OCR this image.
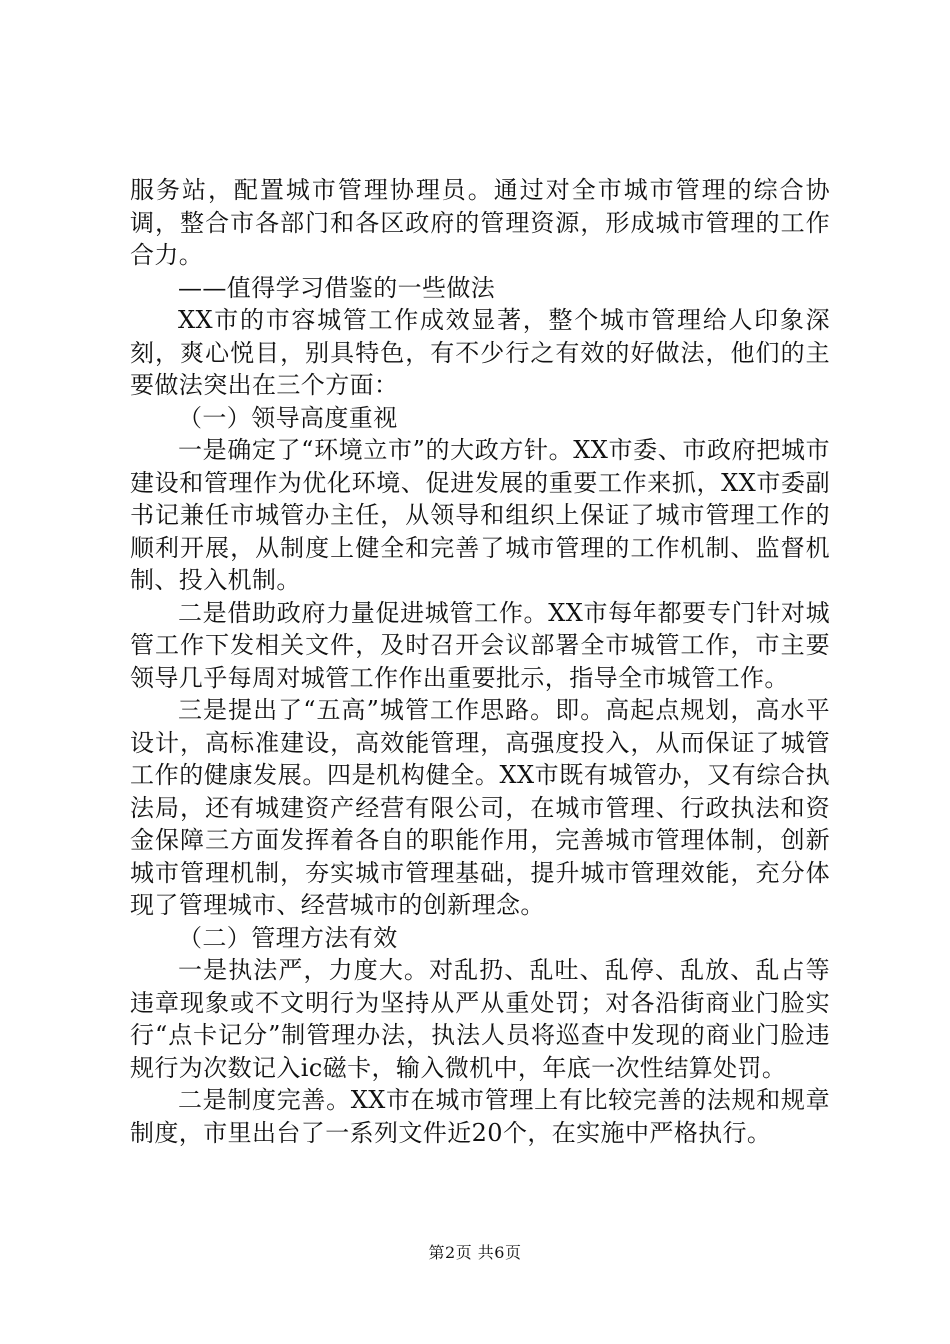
服务站，配置城市管理协理员。通过对全市城市管理的综合协调，整合市各部门和各区政府的管理资源，形成城市管理的工作合力。

——值得学习借鉴的一些做法

XX市的市容城管工作成效显著，整个城市管理给人印象深刻，爽心悦目，别具特色，有不少行之有效的好做法，他们的主要做法突出在三个方面：

（一）领导高度重视

一是确定了“环境立市”的大政方针。XX市委、市政府把城市建设和管理作为优化环境、促进发展的重要工作来抓，XX市委副书记兼任市城管办主任，从领导和组织上保证了城市管理工作的顺利开展，从制度上健全和完善了城市管理的工作机制、监督机制、投入机制。

二是借助政府力量促进城管工作。XX市每年都要专门针对城管工作下发相关文件，及时召开会议部署全市城管工作，市主要领导几乎每周对城管工作作出重要批示，指导全市城管工作。

三是提出了“五高”城管工作思路。即。高起点规划，高水平设计，高标准建设，高效能管理，高强度投入，从而保证了城管工作的健康发展。四是机构健全。XX市既有城管办，又有综合执法局，还有城建资产经营有限公司，在城市管理、行政执法和资金保障三方面发挥着各自的职能作用，完善城市管理体制，创新城市管理机制，夯实城市管理基础，提升城市管理效能，充分体现了管理城市、经营城市的创新理念。

（二）管理方法有效

一是执法严，力度大。对乱扔、乱吐、乱停、乱放、乱占等违章现象或不文明行为坚持从严从重处罚；对各沿街商业门脸实行“点卡记分”制管理办法，执法人员将巡查中发现的商业门脸违规行为次数记入ic磁卡，输入微机中，年底一次性结算处罚。

二是制度完善。XX市在城市管理上有比较完善的法规和规章制度，市里出台了一系列文件近20个，在实施中严格执行。

第2页 共6页
